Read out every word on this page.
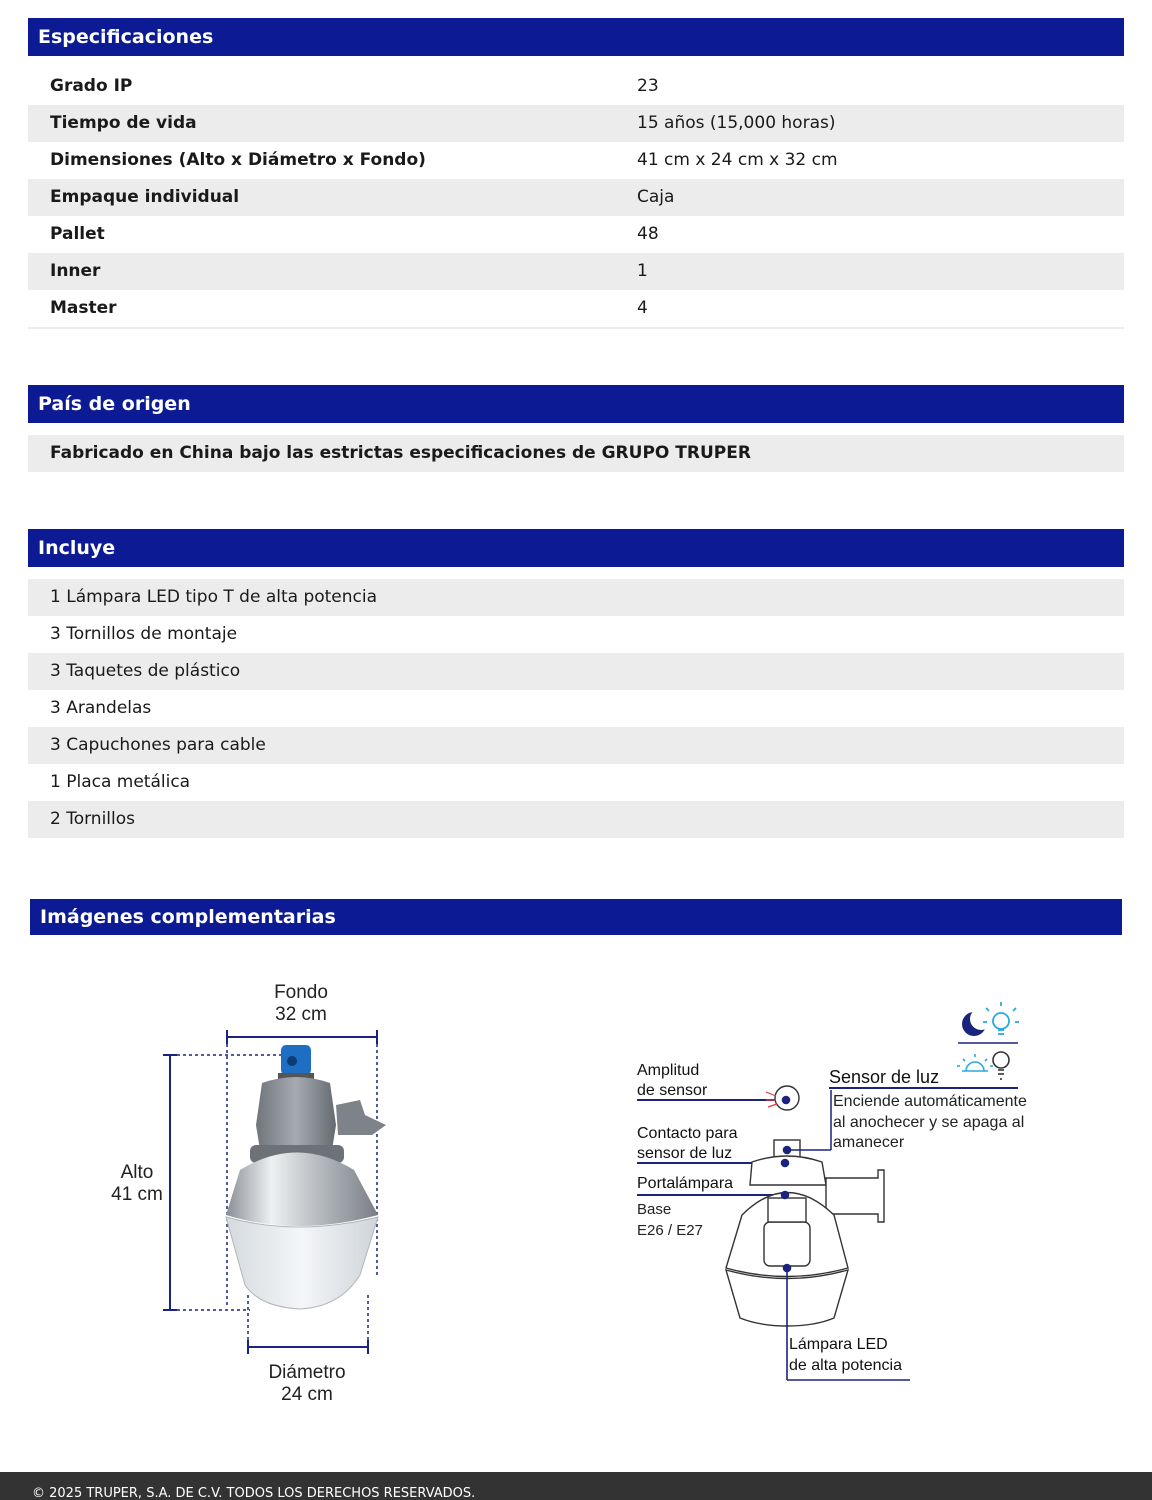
Especificaciones
Grado IP	23
Tiempo de vida	15 años (15,000 horas)
Dimensiones (Alto x Diámetro x Fondo)	41 cm x 24 cm x 32 cm
Empaque individual	Caja
Pallet	48
Inner	1
Master	4
País de origen
Fabricado en China bajo las estrictas especificaciones de GRUPO TRUPER
Incluye
1 Lámpara LED tipo T de alta potencia
3 Tornillos de montaje
3 Taquetes de plástico
3 Arandelas
3 Capuchones para cable
1 Placa metálica
2 Tornillos
Imágenes complementarias
Fondo
32 cm
Alto
41 cm
Diámetro
24 cm
Sensor de luz
Enciende automáticamente
al anochecer y se apaga al
amanecer
Amplitud
de sensor
Contacto para
sensor de luz
Portalámpara
Base
E26 / E27
Lámpara LED
de alta potencia
© 2025 TRUPER, S.A. DE C.V. TODOS LOS DERECHOS RESERVADOS.
